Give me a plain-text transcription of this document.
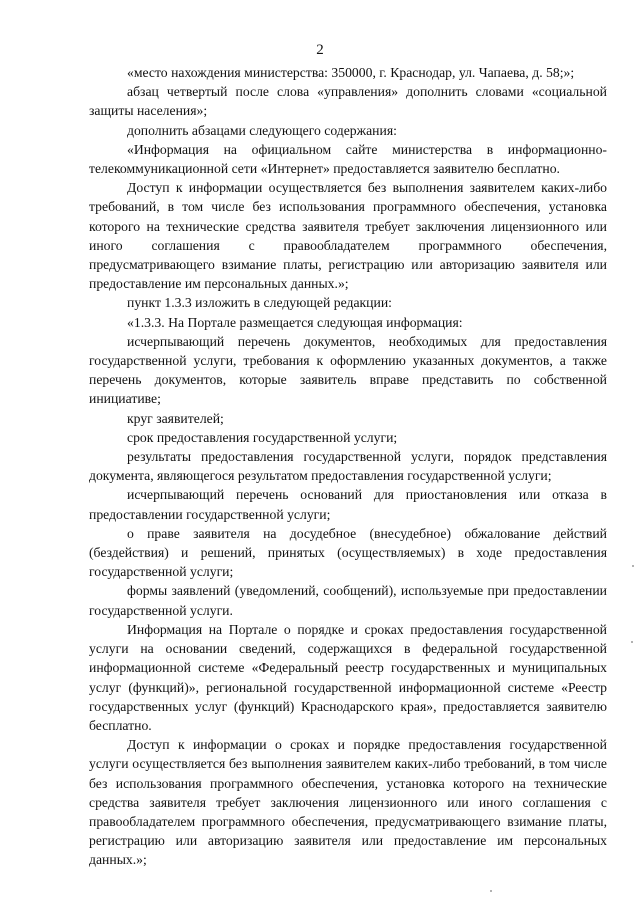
2

«место нахождения министерства: 350000, г. Краснодар, ул. Чапаева, д. 58;»;

абзац четвертый после слова «управления» дополнить словами «социальной защиты населения»;

дополнить абзацами следующего содержания:

«Информация на официальном сайте министерства в информационно-телекоммуникационной сети «Интернет» предоставляется заявителю бесплатно.

Доступ к информации осуществляется без выполнения заявителем каких-либо требований, в том числе без использования программного обеспечения, установка которого на технические средства заявителя требует заключения лицензионного или иного соглашения с правообладателем программного обеспечения, предусматривающего взимание платы, регистрацию или авторизацию заявителя или предоставление им персональных данных.»;

пункт 1.3.3 изложить в следующей редакции:

«1.3.3. На Портале размещается следующая информация:

исчерпывающий перечень документов, необходимых для предоставления государственной услуги, требования к оформлению указанных документов, а также перечень документов, которые заявитель вправе представить по собственной инициативе;

круг заявителей;

срок предоставления государственной услуги;

результаты предоставления государственной услуги, порядок представления документа, являющегося результатом предоставления государственной услуги;

исчерпывающий перечень оснований для приостановления или отказа в предоставлении государственной услуги;

о праве заявителя на досудебное (внесудебное) обжалование действий (бездействия) и решений, принятых (осуществляемых) в ходе предоставления государственной услуги;

формы заявлений (уведомлений, сообщений), используемые при предоставлении государственной услуги.

Информация на Портале о порядке и сроках предоставления государственной услуги на основании сведений, содержащихся в федеральной государственной информационной системе «Федеральный реестр государственных и муниципальных услуг (функций)», региональной государственной информационной системе «Реестр государственных услуг (функций) Краснодарского края», предоставляется заявителю бесплатно.

Доступ к информации о сроках и порядке предоставления государственной услуги осуществляется без выполнения заявителем каких-либо требований, в том числе без использования программного обеспечения, установка которого на технические средства заявителя требует заключения лицензионного или иного соглашения с правообладателем программного обеспечения, предусматривающего взимание платы, регистрацию или авторизацию заявителя или предоставление им персональных данных.»;
